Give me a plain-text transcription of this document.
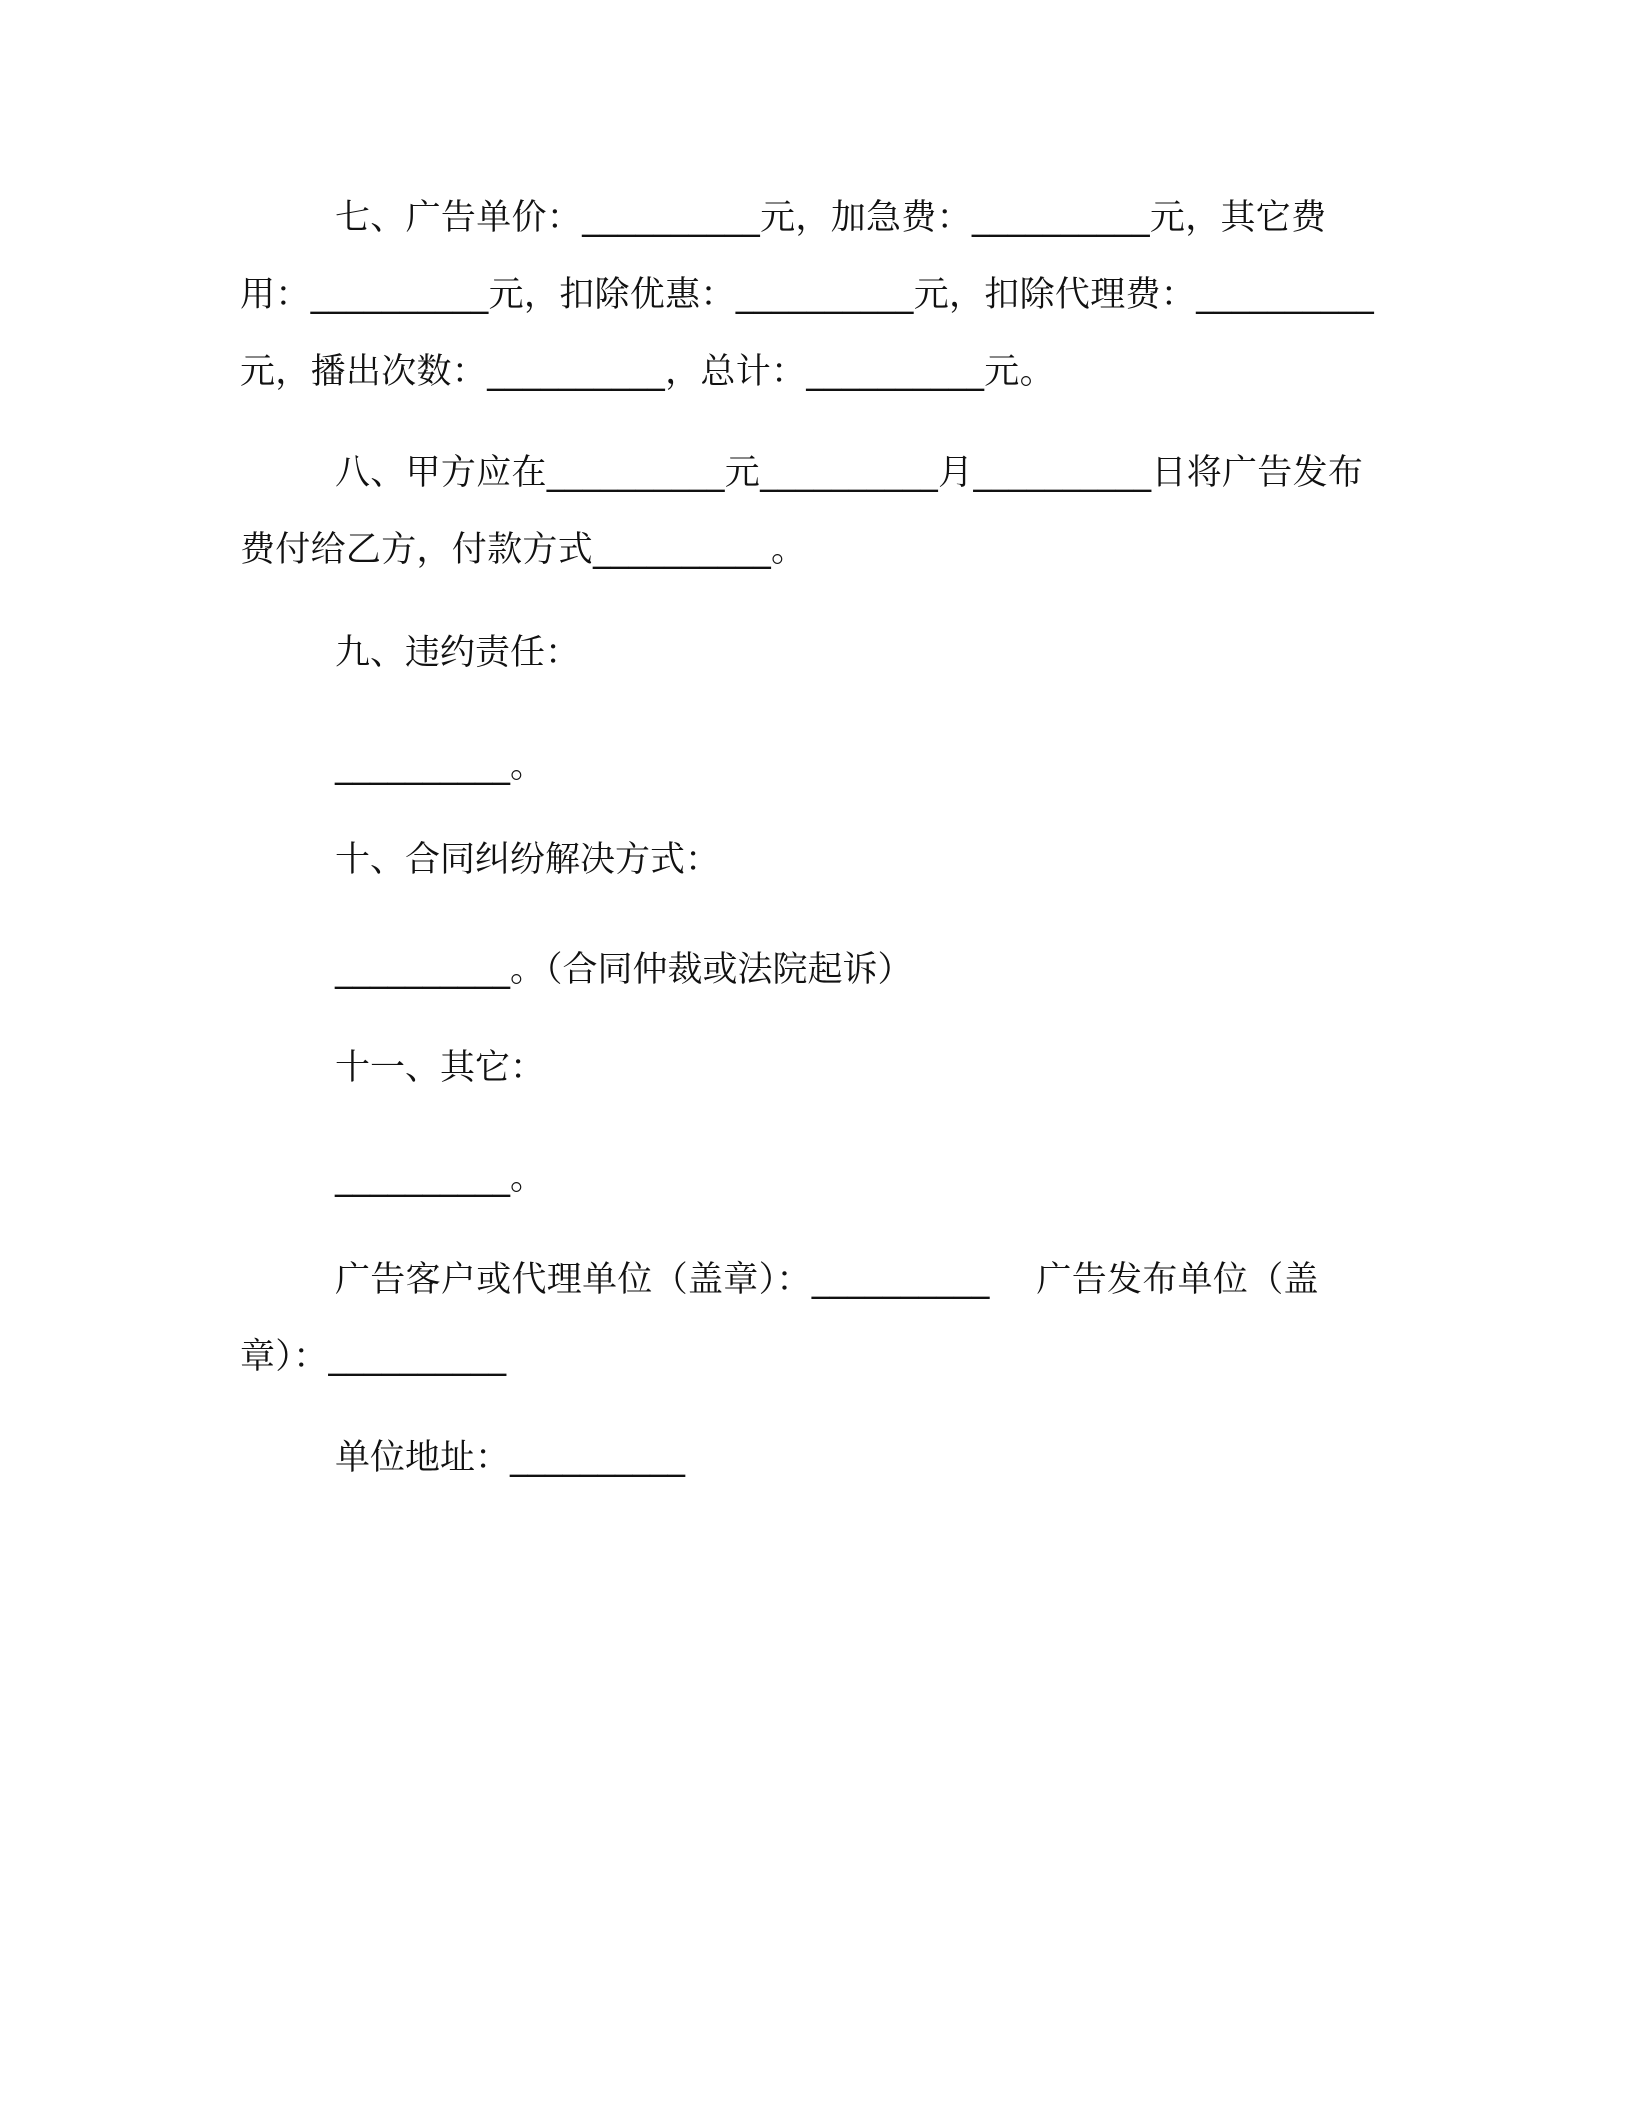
七、广告单价：__________元，加急费：__________元，其它费用：__________元，扣除优惠：__________元，扣除代理费：__________元，播出次数：__________，总计：__________元。

八、甲方应在__________元__________月__________日将广告发布费付给乙方，付款方式__________。

九、违约责任：

__________。

十、合同纠纷解决方式：

__________。（合同仲裁或法院起诉）

十一、其它：

__________。

广告客户或代理单位（盖章）：__________　 广告发布单位（盖章）：__________

单位地址：__________
